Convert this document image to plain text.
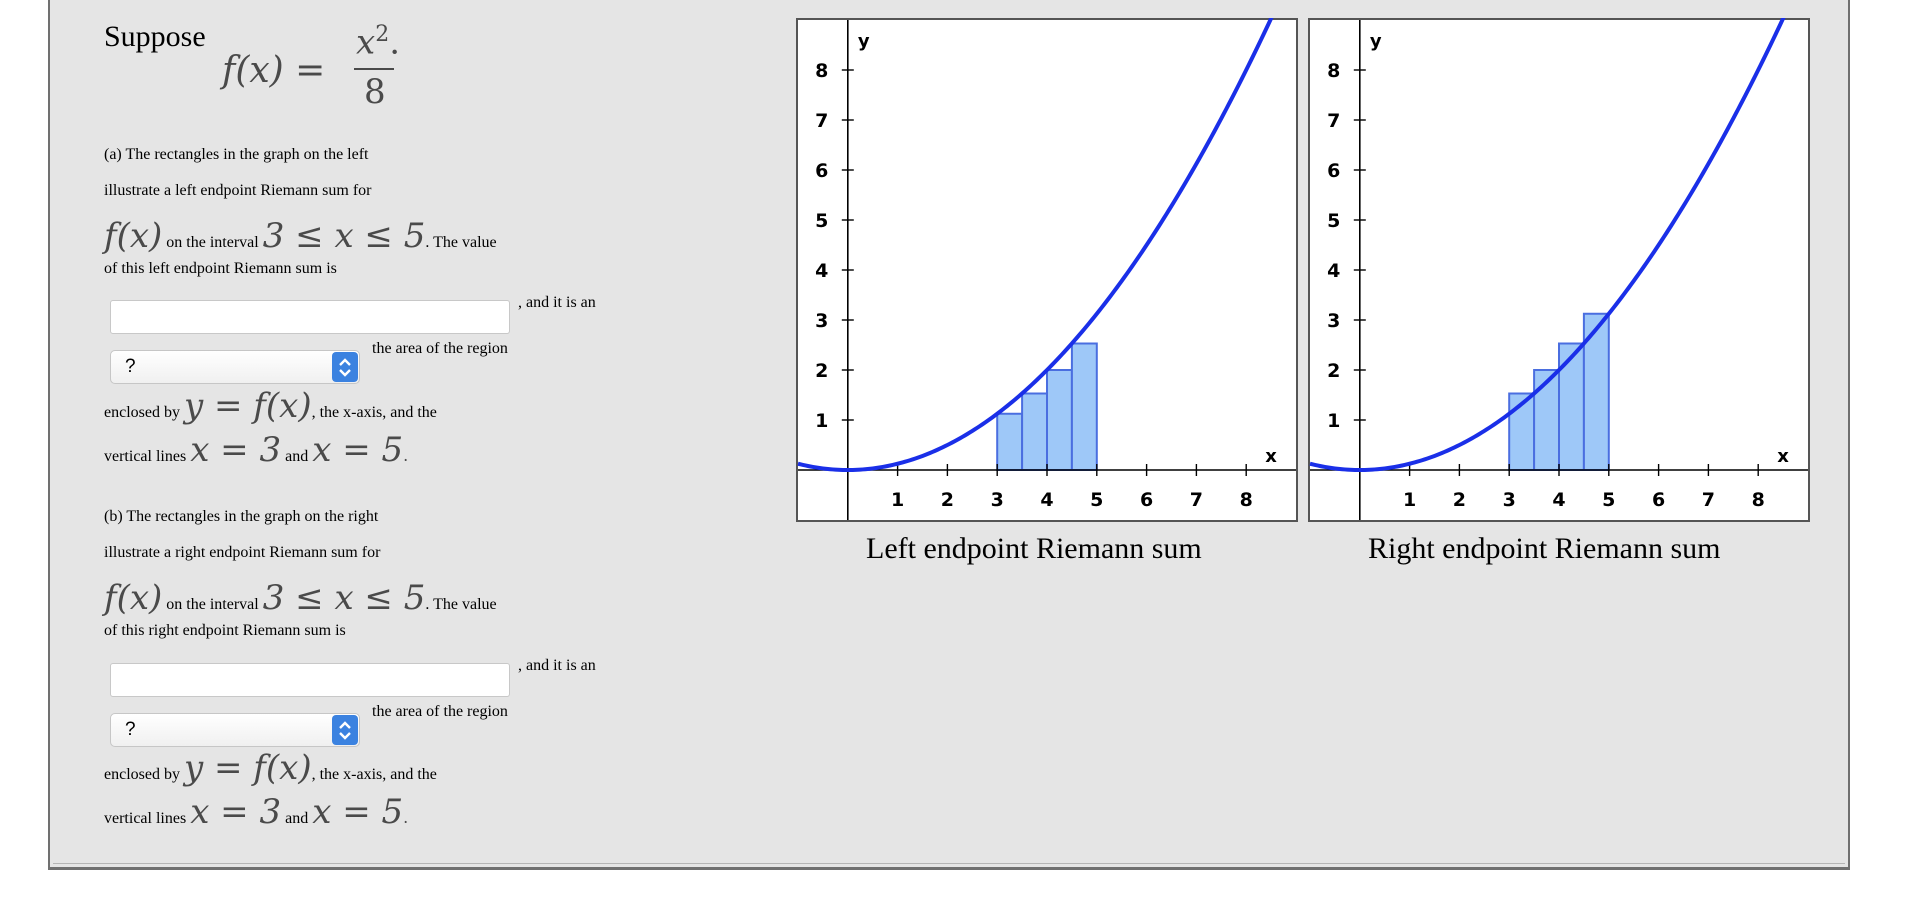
Suppose
f(x) =
$x^2$.
8
(a) The rectangles in the graph on the left
illustrate a left endpoint Riemann sum for
f(x) on the interval 3 ≤ x ≤ 5. The value
of this left endpoint Riemann sum is
, and it is an
?
the area of the region
enclosed by y = f(x), the x-axis, and the
vertical lines x = 3 and x = 5.
(b) The rectangles in the graph on the right
illustrate a right endpoint Riemann sum for
f(x) on the interval 3 ≤ x ≤ 5. The value
of this right endpoint Riemann sum is
, and it is an
?
the area of the region
enclosed by y = f(x), the x-axis, and the
vertical lines x = 3 and x = 5.
1 2 3 4 5 6 7 8
1
2
3
4
5
6
7
8
x
y
Left endpoint Riemann sum
1 2 3 4 5 6 7 8
1
2
3
4
5
6
7
8
x
y
Right endpoint Riemann sum
